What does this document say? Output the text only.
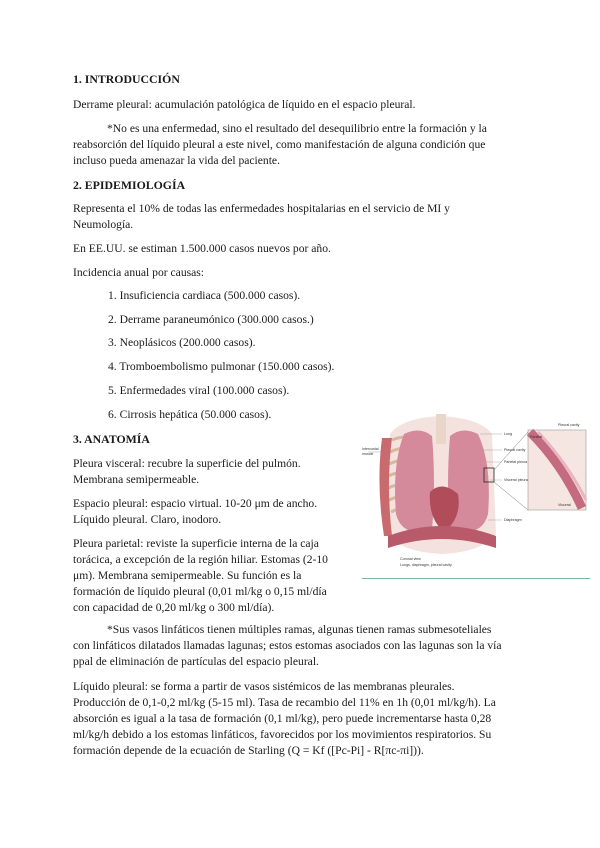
1. INTRODUCCIÓN

Derrame pleural: acumulación patológica de líquido en el espacio pleural.

*No es una enfermedad, sino el resultado del desequilibrio entre la formación y la

reabsorción del líquido pleural a este nivel, como manifestación de alguna condición que

incluso pueda amenazar la vida del paciente.

2. EPIDEMIOLOGÍA

Representa el 10% de todas las enfermedades hospitalarias en el servicio de MI y

Neumología.

En EE.UU. se estiman 1.500.000 casos nuevos por año.

Incidencia anual por causas:

1. Insuficiencia cardiaca (500.000 casos).

2. Derrame paraneumónico (300.000 casos.)

3. Neoplásicos (200.000 casos).

4. Tromboembolismo pulmonar (150.000 casos).

5. Enfermedades viral (100.000 casos).

6. Cirrosis hepática (50.000 casos).

3. ANATOMÍA

Pleura visceral: recubre la superficie del pulmón.

Membrana semipermeable.

Espacio pleural: espacio virtual. 10-20 μm de ancho.

Líquido pleural. Claro, inodoro.

Pleura parietal: reviste la superficie interna de la caja

torácica, a excepción de la región hiliar. Estomas (2-10

μm). Membrana semipermeable. Su función es la

formación de líquido pleural (0,01 ml/kg o 0,15 ml/día

con capacidad de 0,20 ml/kg o 300 ml/día).

Intercostal
muscle
Lung
Pleural cavity
Parietal pleura
Visceral pleura
Diaphragm
Pleural cavity
Parietal
Visceral
Coronal view
Lungs, diaphragm, pleural cavity

*Sus vasos linfáticos tienen múltiples ramas, algunas tienen ramas submesoteliales

con linfáticos dilatados llamadas lagunas; estos estomas asociados con las lagunas son la vía

ppal de eliminación de partículas del espacio pleural.

Líquido pleural: se forma a partir de vasos sistémicos de las membranas pleurales.

Producción de 0,1-0,2 ml/kg (5-15 ml). Tasa de recambio del 11% en 1h (0,01 ml/kg/h). La

absorción es igual a la tasa de formación (0,1 ml/kg), pero puede incrementarse hasta 0,28

ml/kg/h debido a los estomas linfáticos, favorecidos por los movimientos respiratorios. Su

formación depende de la ecuación de Starling (Q = Kf ([Pc-Pi] - R[πc-πi])).
